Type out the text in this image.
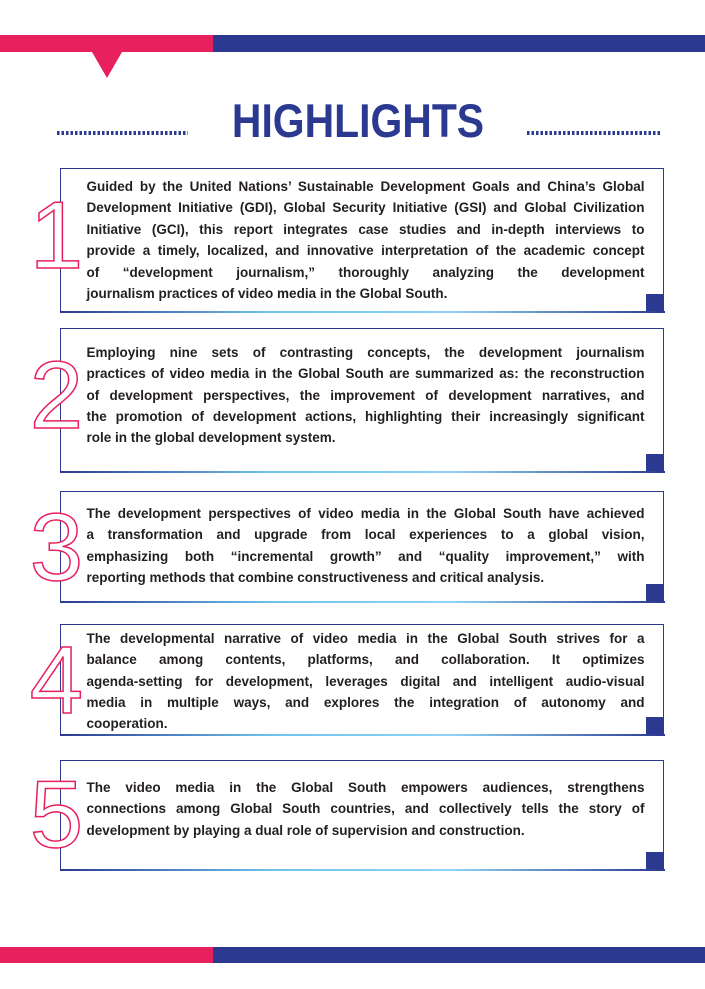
HIGHLIGHTS
1 Guided by the United Nations’ Sustainable Development Goals and China’s Global
Development Initiative (GDI), Global Security Initiative (GSI) and Global Civilization
Initiative (GCI), this report integrates case studies and in-depth interviews to
provide a timely, localized, and innovative interpretation of the academic concept
of “development journalism,” thoroughly analyzing the development
journalism practices of video media in the Global South.
2 Employing nine sets of contrasting concepts, the development journalism
practices of video media in the Global South are summarized as: the reconstruction
of development perspectives, the improvement of development narratives, and
the promotion of development actions, highlighting their increasingly significant
role in the global development system.
3 The development perspectives of video media in the Global South have achieved
a transformation and upgrade from local experiences to a global vision,
emphasizing both “incremental growth” and “quality improvement,” with
reporting methods that combine constructiveness and critical analysis.
4 The developmental narrative of video media in the Global South strives for a
balance among contents, platforms, and collaboration. It optimizes
agenda-setting for development, leverages digital and intelligent audio-visual
media in multiple ways, and explores the integration of autonomy and
cooperation.
5 The video media in the Global South empowers audiences, strengthens
connections among Global South countries, and collectively tells the story of
development by playing a dual role of supervision and construction.
